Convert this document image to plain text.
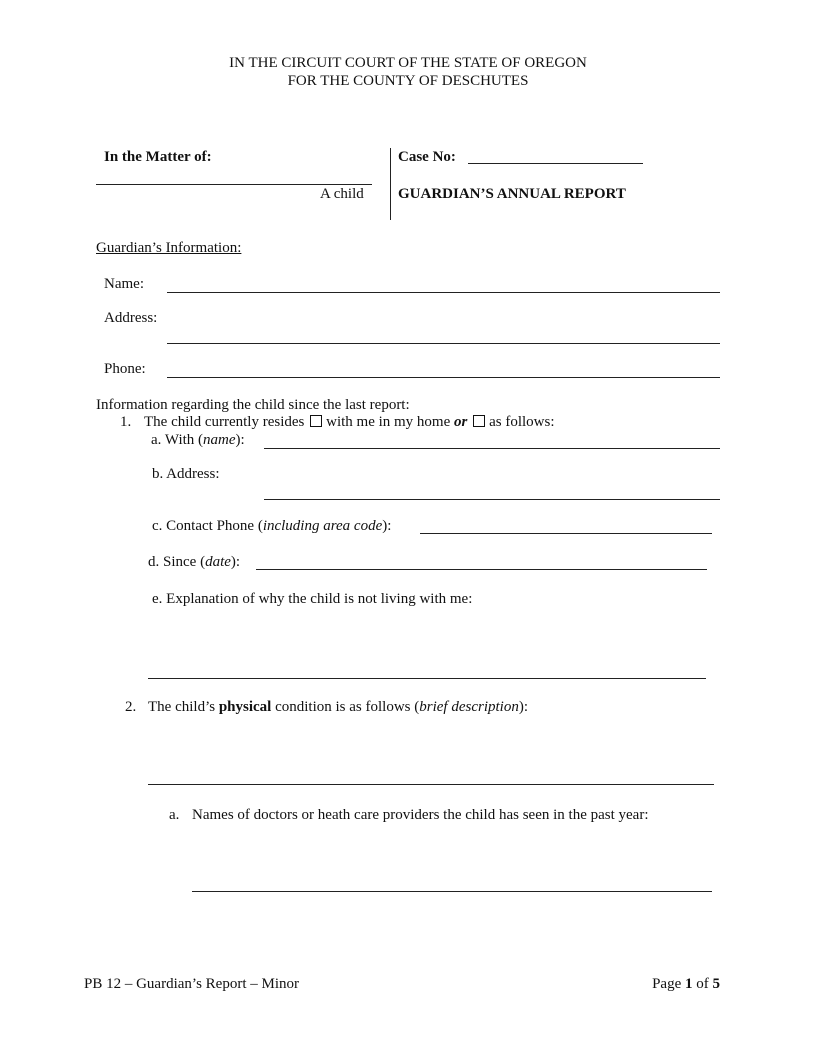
IN THE CIRCUIT COURT OF THE STATE OF OREGON
FOR THE COUNTY OF DESCHUTES
In the Matter of:
A child
Case No:
GUARDIAN’S ANNUAL REPORT
Guardian’s Information:
Name:
Address:
Phone:
Information regarding the child since the last report:
1. The child currently resides with me in my home or as follows:
a. With (name):
b. Address:
c. Contact Phone (including area code):
d. Since (date):
e. Explanation of why the child is not living with me:
2. The child’s physical condition is as follows (brief description):
a. Names of doctors or heath care providers the child has seen in the past year:
PB 12 – Guardian’s Report – Minor	Page 1 of 5
